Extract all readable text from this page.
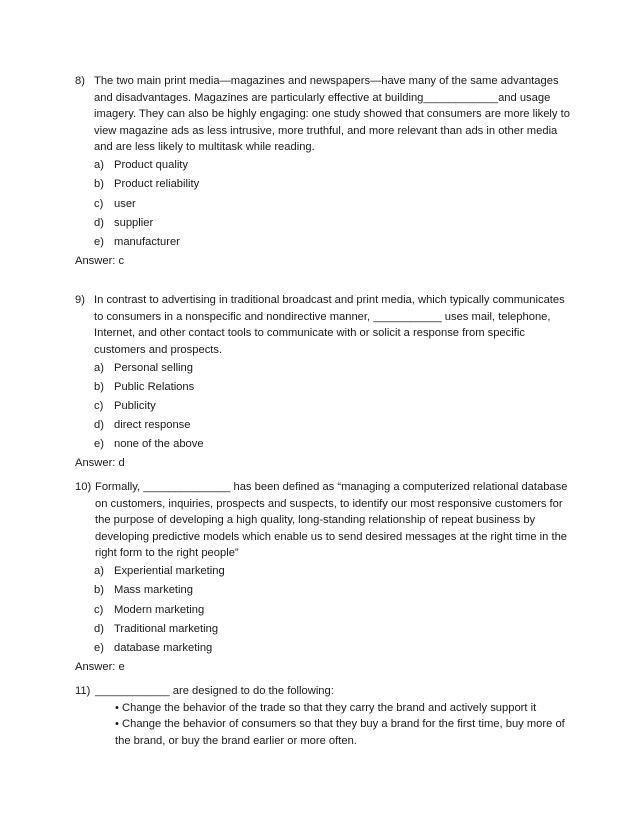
8) The two main print media—magazines and newspapers—have many of the same advantages and disadvantages. Magazines are particularly effective at building____________and usage imagery. They can also be highly engaging: one study showed that consumers are more likely to view magazine ads as less intrusive, more truthful, and more relevant than ads in other media and are less likely to multitask while reading.
a) Product quality
b) Product reliability
c) user
d) supplier
e) manufacturer
Answer: c
9) In contrast to advertising in traditional broadcast and print media, which typically communicates to consumers in a nonspecific and nondirective manner, ___________ uses mail, telephone, Internet, and other contact tools to communicate with or solicit a response from specific customers and prospects.
a) Personal selling
b) Public Relations
c) Publicity
d) direct response
e) none of the above
Answer: d
10) Formally, ______________ has been defined as “managing a computerized relational database on customers, inquiries, prospects and suspects, to identify our most responsive customers for the purpose of developing a high quality, long-standing relationship of repeat business by developing predictive models which enable us to send desired messages at the right time in the right form to the right people”
a) Experiential marketing
b) Mass marketing
c) Modern marketing
d) Traditional marketing
e) database marketing
Answer: e
11) ____________ are designed to do the following:
• Change the behavior of the trade so that they carry the brand and actively support it
• Change the behavior of consumers so that they buy a brand for the first time, buy more of the brand, or buy the brand earlier or more often.
